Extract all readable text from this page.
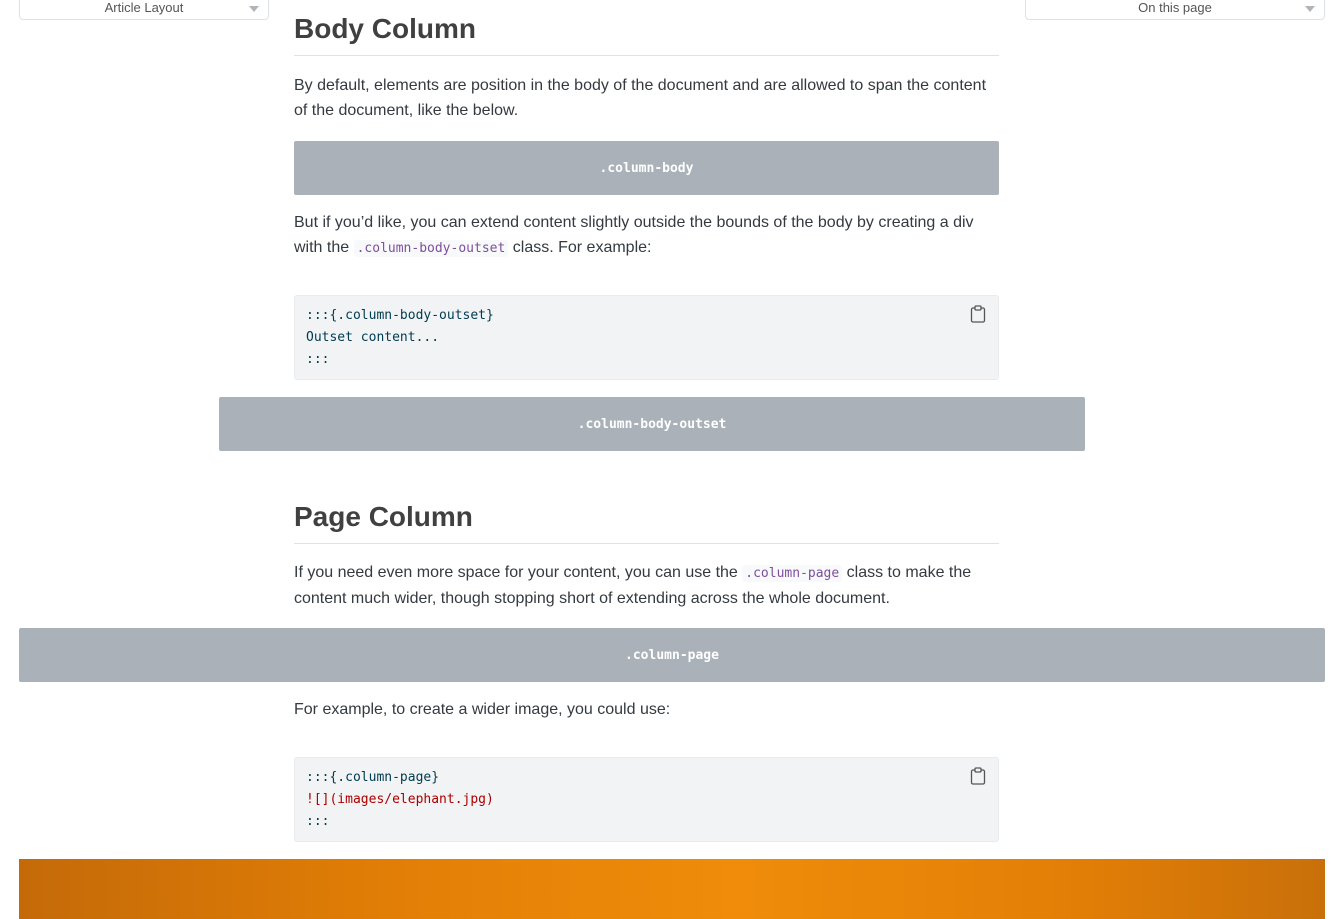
Article Layout	On this page
Body Column

By default, elements are position in the body of the document and are allowed to span the content of the document, like the below.

.column-body

But if you’d like, you can extend content slightly outside the bounds of the body by creating a div with the .column-body-outset class. For example:

:::{.column-body-outset}
Outset content...
:::
.column-body-outset
Page Column

If you need even more space for your content, you can use the .column-page class to make the content much wider, though stopping short of extending across the whole document.

.column-page

For example, to create a wider image, you could use:

:::{.column-page}
![](images/elephant.jpg)
:::
